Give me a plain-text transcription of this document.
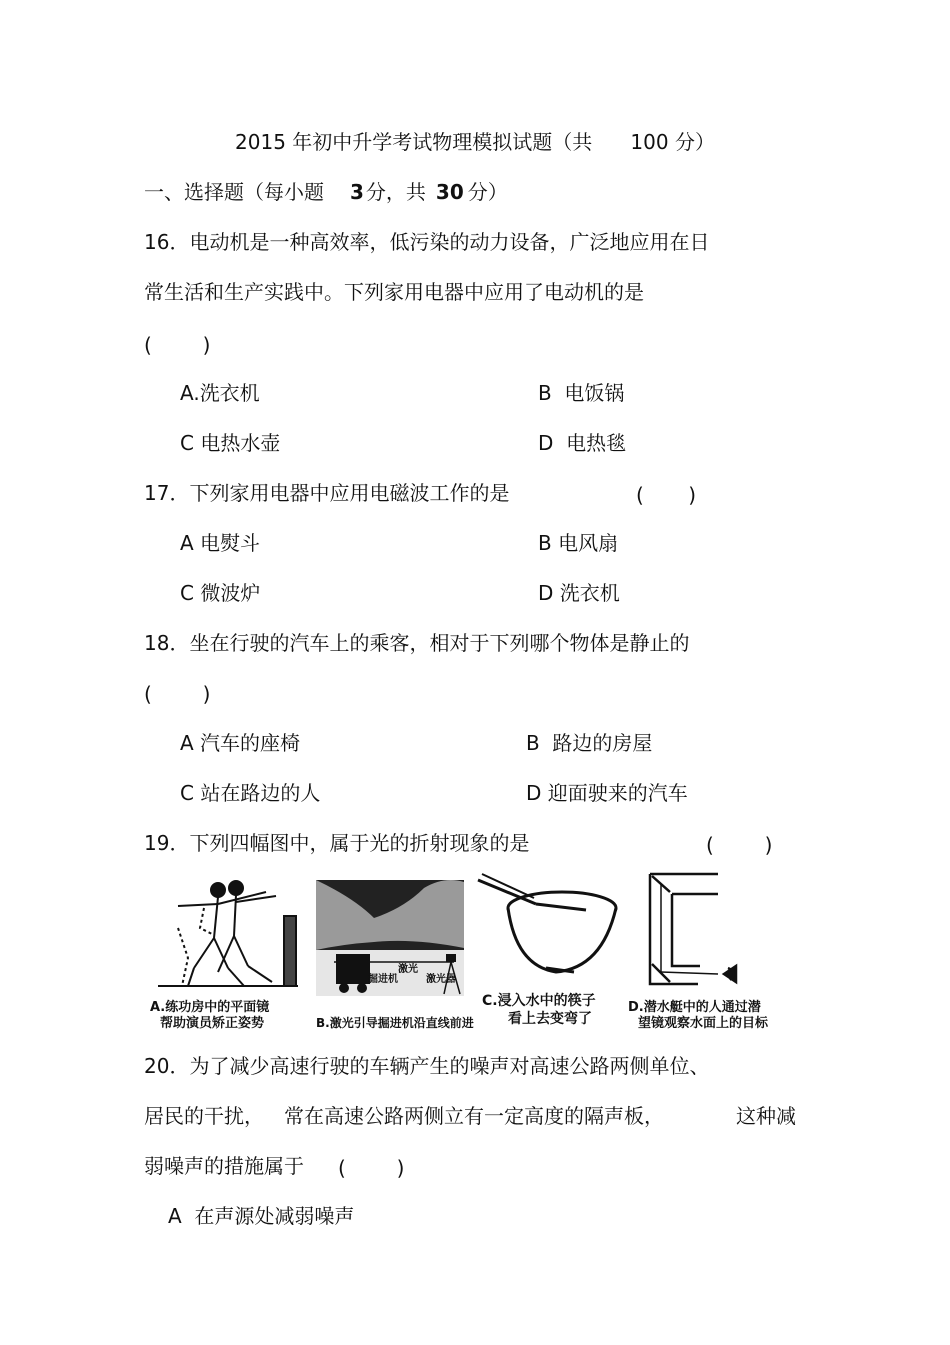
2015 年初中升学考试物理模拟试题（共      100 分）
一、选择题（每小题 3 分，共 30 分）
16．电动机是一种高效率，低污染的动力设备，广泛地应用在日
常生活和生产实践中。下列家用电器中应用了电动机的是
(        )
A.洗衣机	B  电饭锅
C 电热水壶	D  电热毯
17．下列家用电器中应用电磁波工作的是	(       )
A 电熨斗	B 电风扇
C 微波炉	D 洗衣机
18．坐在行驶的汽车上的乘客，相对于下列哪个物体是静止的
(        )
A 汽车的座椅	B  路边的房屋
C 站在路边的人	D 迎面驶来的汽车
19．下列四幅图中，属于光的折射现象的是	(        )
A.练功房中的平面镜
帮助演员矫正姿势
掘进机
激光
激光器
B.激光引导掘进机沿直线前进
C.浸入水中的筷子
看上去变弯了
D.潜水艇中的人通过潜
望镜观察水面上的目标
20．为了减少高速行驶的车辆产生的噪声对高速公路两侧单位、
居民的干扰， 常在高速公路两侧立有一定高度的隔声板，	这种减
弱噪声的措施属于 (        )
A  在声源处减弱噪声
